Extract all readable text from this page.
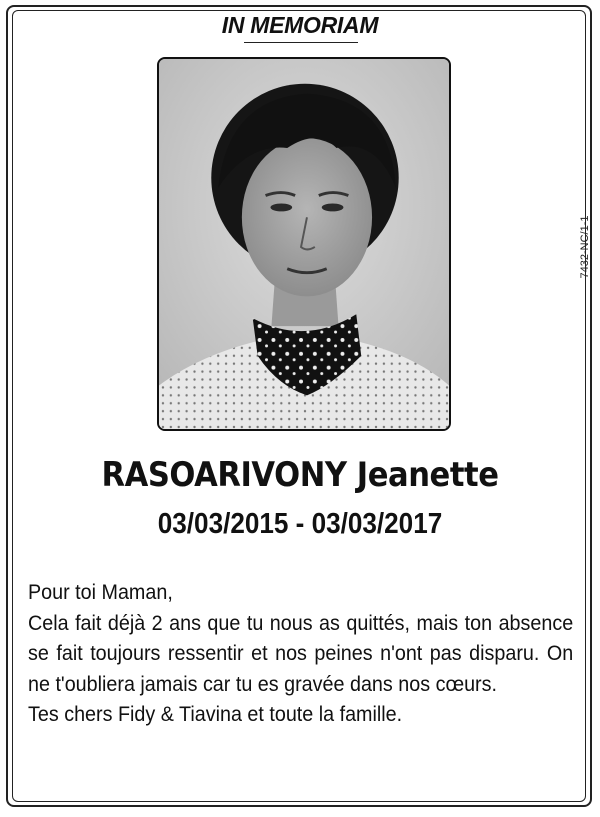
IN MEMORIAM
7432-NC/1-1
RASOARIVONY Jeanette
03/03/2015 - 03/03/2017

Pour toi Maman,

Cela fait déjà 2 ans que tu nous as quittés, mais ton absence se fait toujours ressentir et nos peines n'ont pas disparu. On ne t'oubliera jamais car tu es gravée dans nos cœurs.

Tes chers Fidy & Tiavina et toute la famille.
